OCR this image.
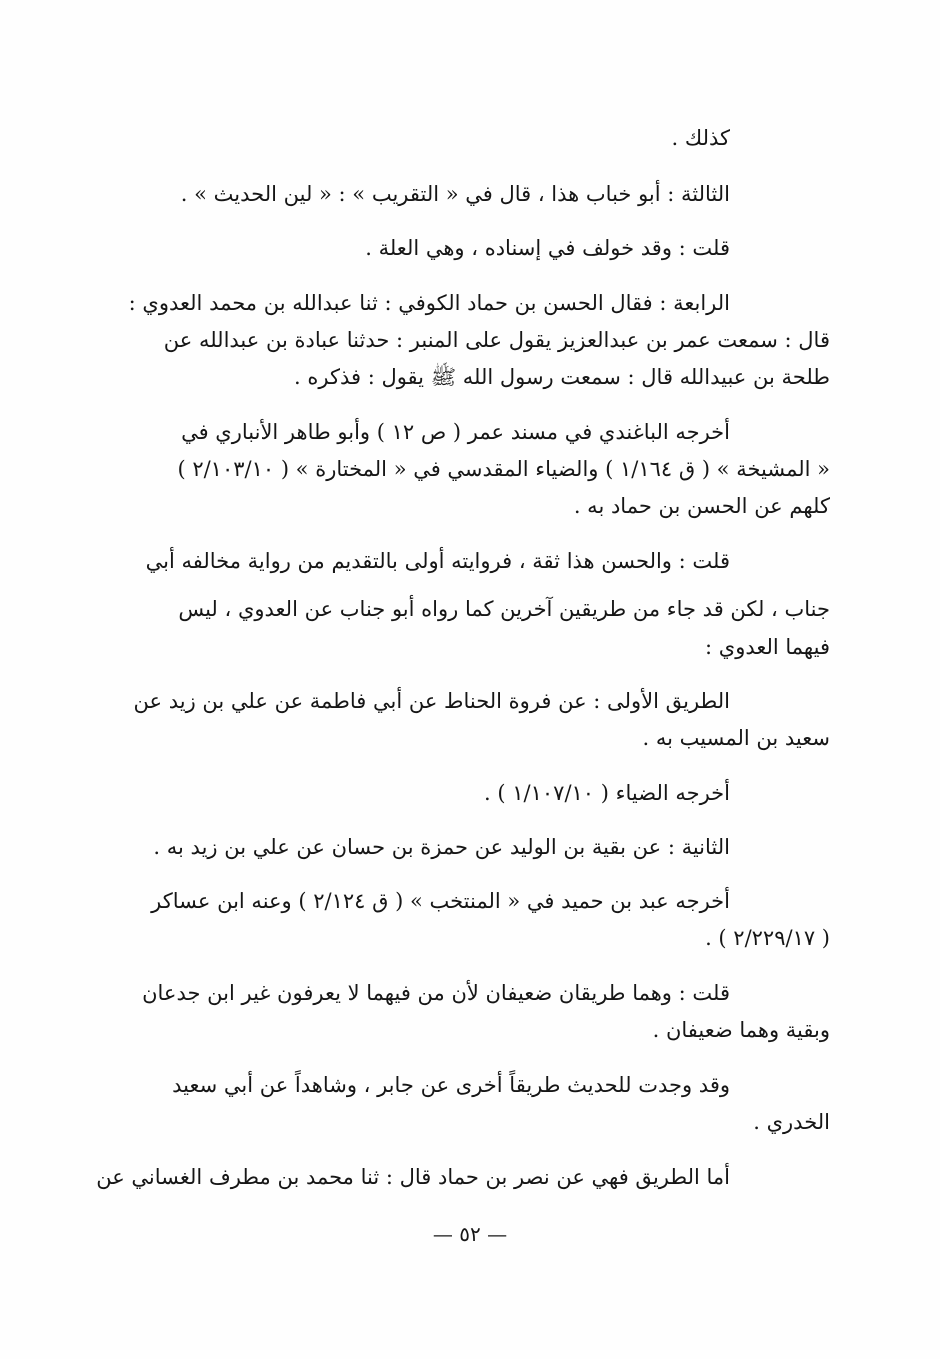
كذلك .
الثالثة : أبو خباب هذا ، قال في « التقريب » : « لين الحديث » .
قلت : وقد خولف في إسناده ، وهي العلة .
الرابعة : فقال الحسن بن حماد الكوفي : ثنا عبدالله بن محمد العدوي :
قال : سمعت عمر بن عبدالعزيز يقول على المنبر : حدثنا عبادة بن عبدالله عن
طلحة بن عبيدالله قال : سمعت رسول الله ﷺ يقول : فذكره .
أخرجه الباغندي في مسند عمر ( ص ١٢ ) وأبو طاهر الأنباري في
« المشيخة » ( ق ١/١٦٤ ) والضياء المقدسي في « المختارة » ( ٢/١٠٣/١٠ )
كلهم عن الحسن بن حماد به .
قلت : والحسن هذا ثقة ، فروايته أولى بالتقديم من رواية مخالفه أبي
جناب ، لكن قد جاء من طريقين آخرين كما رواه أبو جناب عن العدوي ، ليس
فيهما العدوي :
الطريق الأولى : عن فروة الحناط عن أبي فاطمة عن علي بن زيد عن
سعيد بن المسيب به .
أخرجه الضياء ( ١/١٠٧/١٠ ) .
الثانية : عن بقية بن الوليد عن حمزة بن حسان عن علي بن زيد به .
أخرجه عبد بن حميد في « المنتخب » ( ق ٢/١٢٤ ) وعنه ابن عساكر
( ٢/٢٢٩/١٧ ) .
قلت : وهما طريقان ضعيفان لأن من فيهما لا يعرفون غير ابن جدعان
وبقية وهما ضعيفان .
وقد وجدت للحديث طريقاً أخرى عن جابر ، وشاهداً عن أبي سعيد
الخدري .
أما الطريق فهي عن نصر بن حماد قال : ثنا محمد بن مطرف الغساني عن
— ٥٢ —
